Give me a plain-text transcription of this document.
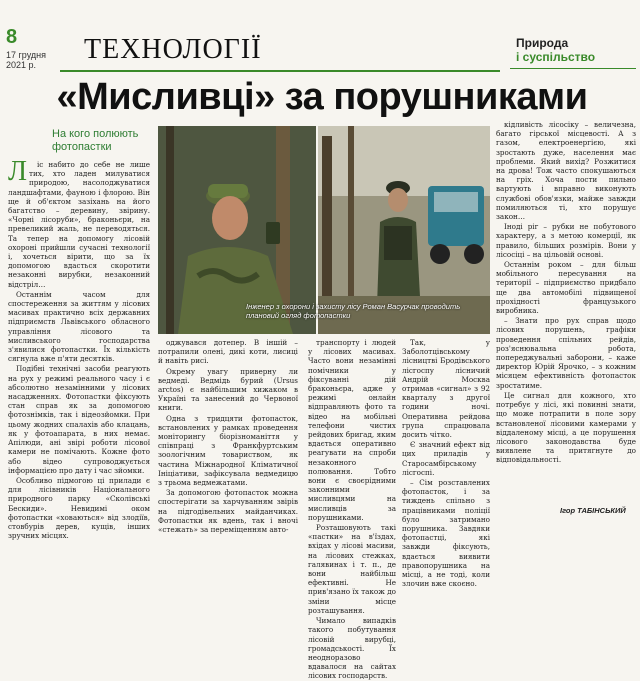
8
17 грудня 2021 р.	ТЕХНОЛОГІЇ	Природа
і суспільство
«Мисливці» за порушниками
На кого полюють фотопастки
Л	іс набито до себе не лише тих, хто ладен милуватися природою, насолоджуватися ландшафтами, фауною і флорою. Він ще й об'єктом зазіхань на його багатство – деревину, звірину. «Чорні лісоруби», браконьєри, на превеликий жаль, не переводяться. Та тепер на допомогу лісовій охороні прийшли сучасні технології і, хочеться вірити, що за їх допомогою вдасться скоротити незаконні вирубки, незаконний відстріл…

Останнім часом для спостереження за життям у лісових масивах практично всіх державних підприємств Львівського обласного управління лісового та мисливського господарства з'явилися фотопастки. Їх кількість сягнула вже п'яти десятків.

Подібні технічні засоби реагують на рух у режимі реального часу і є абсолютно незамінними у лісових насадженнях. Фотопастки фіксують стан справ як за допомогою фотознімків, так і відеозйомки. При цьому жодних спалахів або клацань, як у фотоапарата, в них немає. Апілюди, ані звірі роботи лісової камери не помічають. Кожне фото або відео супроводжується інформацією про дату і час зйомки.

Особливо підмогою ці прилади є для лісівників Національного природного парку «Сколівські Бескиди». Невидимі оком фотопастки «ховаються» від злодіїв, стовбурів дерев, кущів, інших зручних місцях.

Інженер з охорони і захисту лісу Роман Васурчак проводить плановий огляд фотопастки

оджувався дотепер. В іншій – потрапили олені, дикі коти, лисиці й навіть рисі.

Окрему увагу приверну ли ведмеді. Ведмідь бурий (Ursus arctos) є найбільшим хижаком в Україні та занесений до Червоної книги.

Одна з тридцяти фотопасток, встановлених у рамках проведення моніторингу біорізноманіття у співпраці з Франкфуртським зоологічним товариством, як частина Міжнародної Кліматичної Ініціативи, зафіксувала ведмедицю з трьома ведмежатами.

За допомогою фотопасток можна спостерігати за харчуванням звірів на підгодівельних майданчиках. Фотопастки як вдень, так і вночі «стежать» за переміщенням авто-

транспорту і людей у лісових масивах. Часто вони незамінні помічники у фіксуванні дій браконьєра, адже у режимі онлайн відправляють фото та відео на мобільні телефони чистих рейдових бригад, яким вдається оперативно реагувати на спроби незаконного полювання. Тобто вони є своєрідними законними мисливцями на мисливців за порушниками.

Розташовують такі «пастки» на в'їздах, вхідах у лісові масиви, на лісових стежках, галявинах і т. п., де вони найбільш ефективні. Не прив'язано їх також до зміни місце розташування.

Чимало випадків такого побутування лісовій вирубці, громадськості. Їх неодноразово вдавалося на сайтах лісових господарств.

кідливість лісосіку – величезна, багато гірської місцевості. А з газом, електроенергією, які зростають дуже, населення має проблеми. Який вихід? Розжитися на дрова! Тож часто спокушаються на гріх. Хоча пости пильно вартують і вправно виконують службові обов'язки, майже завжди помиляються ті, хто порушує закон…

Іноді ріг – рубки не побутового характеру, а з метою комерції, як правило, більших розмірів. Вони у лісосіці – на цільовій основі.

Останнім роком – для більш мобільного пересування на території – підприємство придбало ще два автомобілі підвищеної прохідності французького виробника.

– Знати про рух справ щодо лісових порушень, графіки проведення спільних рейдів, роз'яснювальна робота, попереджувальні заборони, – каже директор Юрій Ярочко, – з кожним місяцем ефективність фотопасток зростатиме.

Це сигнал для кожного, хто потребує у лісі, які повинні знати, що може потрапити в поле зору встановленої лісовими камерами у віддаленому місці, а це порушення лісового законодавства буде виявлене та притягнуте до відповідальності.

Ігор ТАБІНСЬКИЙ

Так, у Заболотцівському лісництві Бродівського лісгоспу лісничий Андрій Москва отримав «сигнал» з 92 кварталу з другої години ночі. Оперативна рейдова група спрацювала досить чітко.

Є значний ефект від цих приладів у Старосамбірському лісгоспі.

– Сім розставлених фотопасток, і за тиждень спільно з працівниками поліції було затримано порушника. Завдяки фотопастці, які завжди фіксують, вдається виявити правопорушника на місці, а не тоді, коли злочин вже скоєно.
